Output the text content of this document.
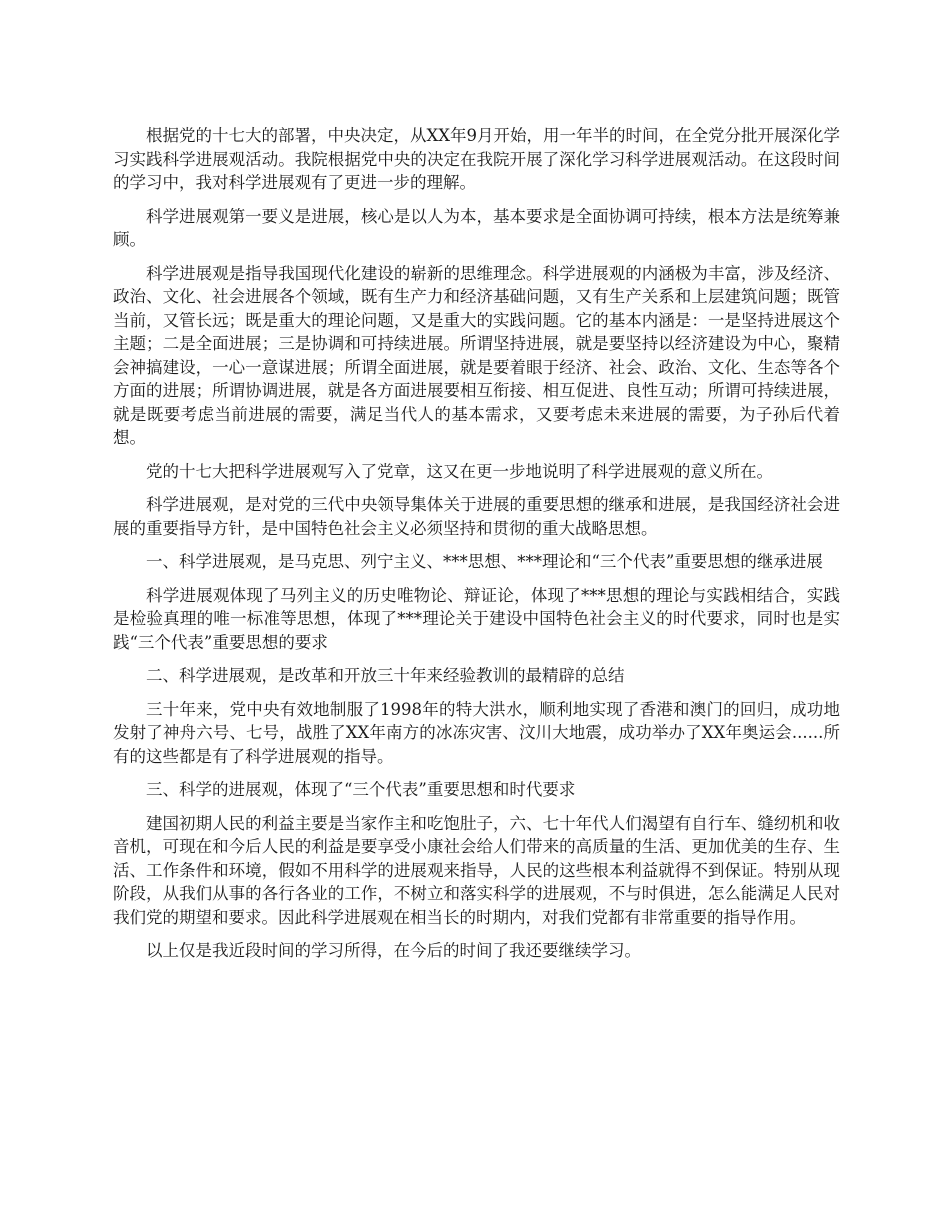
根据党的十七大的部署，中央决定，从XX年9月开始，用一年半的时间，在全党分批开展深化学习实践科学进展观活动。我院根据党中央的决定在我院开展了深化学习科学进展观活动。在这段时间的学习中，我对科学进展观有了更进一步的理解。

科学进展观第一要义是进展，核心是以人为本，基本要求是全面协调可持续，根本方法是统筹兼顾。

科学进展观是指导我国现代化建设的崭新的思维理念。科学进展观的内涵极为丰富，涉及经济、政治、文化、社会进展各个领域，既有生产力和经济基础问题，又有生产关系和上层建筑问题；既管当前，又管长远；既是重大的理论问题，又是重大的实践问题。它的基本内涵是：一是坚持进展这个主题；二是全面进展；三是协调和可持续进展。所谓坚持进展，就是要坚持以经济建设为中心，聚精会神搞建设，一心一意谋进展；所谓全面进展，就是要着眼于经济、社会、政治、文化、生态等各个方面的进展；所谓协调进展，就是各方面进展要相互衔接、相互促进、良性互动；所谓可持续进展，就是既要考虑当前进展的需要，满足当代人的基本需求，又要考虑未来进展的需要，为子孙后代着想。

党的十七大把科学进展观写入了党章，这又在更一步地说明了科学进展观的意义所在。

科学进展观，是对党的三代中央领导集体关于进展的重要思想的继承和进展，是我国经济社会进展的重要指导方针，是中国特色社会主义必须坚持和贯彻的重大战略思想。

一、科学进展观，是马克思、列宁主义、***思想、***理论和“三个代表”重要思想的继承进展

科学进展观体现了马列主义的历史唯物论、辩证论，体现了***思想的理论与实践相结合，实践是检验真理的唯一标准等思想，体现了***理论关于建设中国特色社会主义的时代要求，同时也是实践“三个代表”重要思想的要求

二、科学进展观，是改革和开放三十年来经验教训的最精辟的总结

三十年来，党中央有效地制服了1998年的特大洪水，顺利地实现了香港和澳门的回归，成功地发射了神舟六号、七号，战胜了XX年南方的冰冻灾害、汶川大地震，成功举办了XX年奥运会......所有的这些都是有了科学进展观的指导。

三、科学的进展观，体现了“三个代表”重要思想和时代要求

建国初期人民的利益主要是当家作主和吃饱肚子，六、七十年代人们渴望有自行车、缝纫机和收音机，可现在和今后人民的利益是要享受小康社会给人们带来的高质量的生活、更加优美的生存、生活、工作条件和环境，假如不用科学的进展观来指导，人民的这些根本利益就得不到保证。特别从现阶段，从我们从事的各行各业的工作，不树立和落实科学的进展观，不与时俱进，怎么能满足人民对我们党的期望和要求。因此科学进展观在相当长的时期内，对我们党都有非常重要的指导作用。

以上仅是我近段时间的学习所得，在今后的时间了我还要继续学习。
